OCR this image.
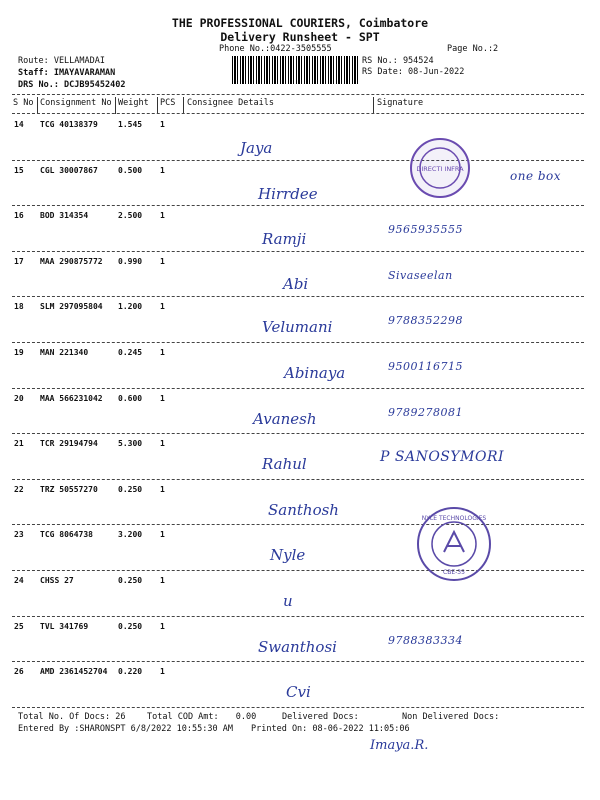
THE PROFESSIONAL COURIERS, Coimbatore
Delivery Runsheet - SPT
Phone No.:0422-3505555	Page No.:2
Route: VELLAMADAI
Staff: IMAYAVARAMAN
DRS No.: DCJB95452402
RS No.: 954524
RS Date: 08-Jun-2022
S No Consignment No Weight PCS Consignee Details	Signature
14 TCG 40138379	1.545 1
Jaya
one box
15 CGL 30007867	0.500 1
Hirrdee
16 BOD 314354	2.500 1
Ramji
9565935555
17 MAA 290875772 0.990 1
Abi	Sivaseelan
18 SLM 297095804 1.200 1
Velumani	9788352298
19 MAN 221340	0.245 1
Abinaya	9500116715
20 MAA 566231042 0.600 1
Avanesh	9789278081
21 TCR 29194794	5.300 1
Rahul	P SANOSYMORI
22 TRZ 50557270	0.250 1
Santhosh
23 TCG 8064738	3.200 1
Nyle
24 CHSS 27	0.250 1
u
25 TVL 341769	0.250 1
Swanthosi	9788383334
26 AMD 2361452704 0.220 1
Cvi
DIRECTI INFRA
NYLE TECHNOLOGIES
CBE-35
Total No. Of Docs: 26	Total COD Amt: 0.00	Delivered Docs:	Non Delivered Docs:
Entered By :SHARONSPT 6/8/2022 10:55:30 AM Printed On: 08-06-2022 11:05:06
Imaya.R.
